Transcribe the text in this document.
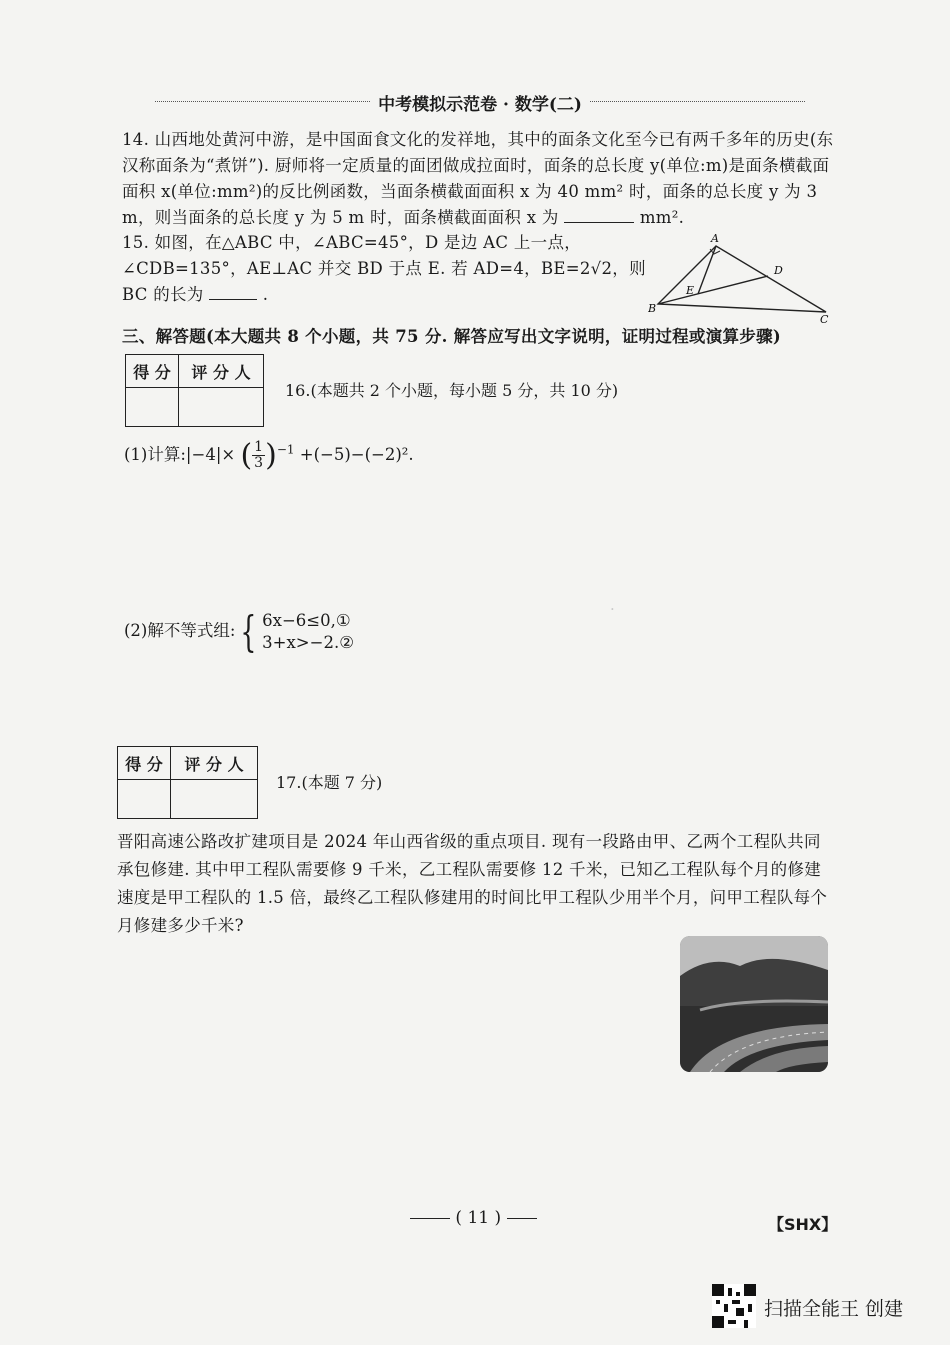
中考模拟示范卷 · 数学(二)
14. 山西地处黄河中游，是中国面食文化的发祥地，其中的面条文化至今已有两千多年的历史(东汉称面条为“煮饼”). 厨师将一定质量的面团做成拉面时，面条的总长度 y(单位:m)是面条横截面面积 x(单位:mm²)的反比例函数，当面条横截面面积 x 为 40 mm² 时，面条的总长度 y 为 3 m，则当面条的总长度 y 为 5 m 时，面条横截面面积 x 为	mm².
15. 如图，在△ABC 中，∠ABC=45°，D 是边 AC 上一点，∠CDB=135°，AE⊥AC 并交 BD 于点 E. 若 AD=4，BE=2√2，则 BC 的长为	.
A
D
E
B
C
三、解答题(本大题共 8 个小题，共 75 分. 解答应写出文字说明，证明过程或演算步骤)
得 分	评 分 人

16.(本题共 2 个小题，每小题 5 分，共 10 分)
(1)计算:|−4|× ( $\frac{1}{3} )^{-1} +(-5)-(-2)^2$.
(2)解不等式组: { 6x−6≤0,①
3+x>−2.②
·
得 分	评 分 人

17.(本题 7 分)
晋阳高速公路改扩建项目是 2024 年山西省级的重点项目. 现有一段路由甲、乙两个工程队共同承包修建. 其中甲工程队需要修 9 千米，乙工程队需要修 12 千米，已知乙工程队每个月的修建速度是甲工程队的 1.5 倍，最终乙工程队修建用的时间比甲工程队少用半个月，问甲工程队每个月修建多少千米?
( 11 )	【SHX】
扫描全能王 创建
